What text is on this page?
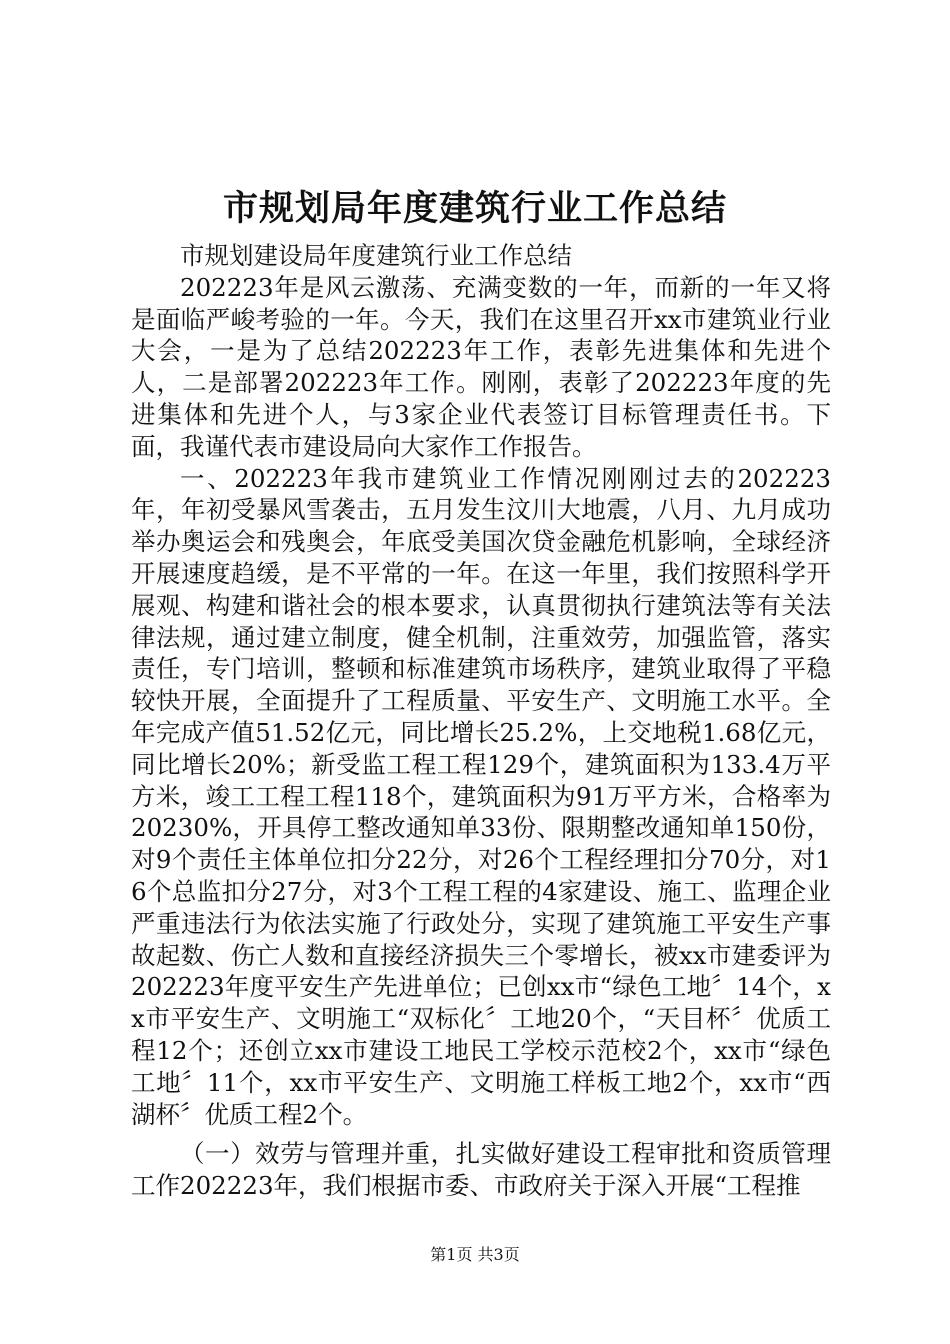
市规划局年度建筑行业工作总结

市规划建设局年度建筑行业工作总结

202223年是风云激荡、充满变数的一年，而新的一年又将是面临严峻考验的一年。今天，我们在这里召开xx市建筑业行业大会，一是为了总结202223年工作，表彰先进集体和先进个人，二是部署202223年工作。刚刚，表彰了202223年度的先进集体和先进个人，与3家企业代表签订目标管理责任书。下面，我谨代表市建设局向大家作工作报告。

一、202223年我市建筑业工作情况刚刚过去的202223年，年初受暴风雪袭击，五月发生汶川大地震，八月、九月成功举办奥运会和残奥会，年底受美国次贷金融危机影响，全球经济开展速度趋缓，是不平常的一年。在这一年里，我们按照科学开展观、构建和谐社会的根本要求，认真贯彻执行建筑法等有关法律法规，通过建立制度，健全机制，注重效劳，加强监管，落实责任，专门培训，整顿和标准建筑市场秩序，建筑业取得了平稳较快开展，全面提升了工程质量、平安生产、文明施工水平。全年完成产值51.52亿元，同比增长25.2%，上交地税1.68亿元，同比增长20%；新受监工程工程129个，建筑面积为133.4万平方米，竣工工程工程118个，建筑面积为91万平方米，合格率为20230%，开具停工整改通知单33份、限期整改通知单150份，对9个责任主体单位扣分22分，对26个工程经理扣分70分，对16个总监扣分27分，对3个工程工程的4家建设、施工、监理企业严重违法行为依法实施了行政处分，实现了建筑施工平安生产事故起数、伤亡人数和直接经济损失三个零增长，被xx市建委评为202223年度平安生产先进单位；已创xx市“绿色工地〞14个，xx市平安生产、文明施工“双标化〞工地20个，“天目杯〞优质工程12个；还创立xx市建设工地民工学校示范校2个，xx市“绿色工地〞11个，xx市平安生产、文明施工样板工地2个，xx市“西湖杯〞优质工程2个。

（一）效劳与管理并重，扎实做好建设工程审批和资质管理工作202223年，我们根据市委、市政府关于深入开展“工程推

第1页 共3页
